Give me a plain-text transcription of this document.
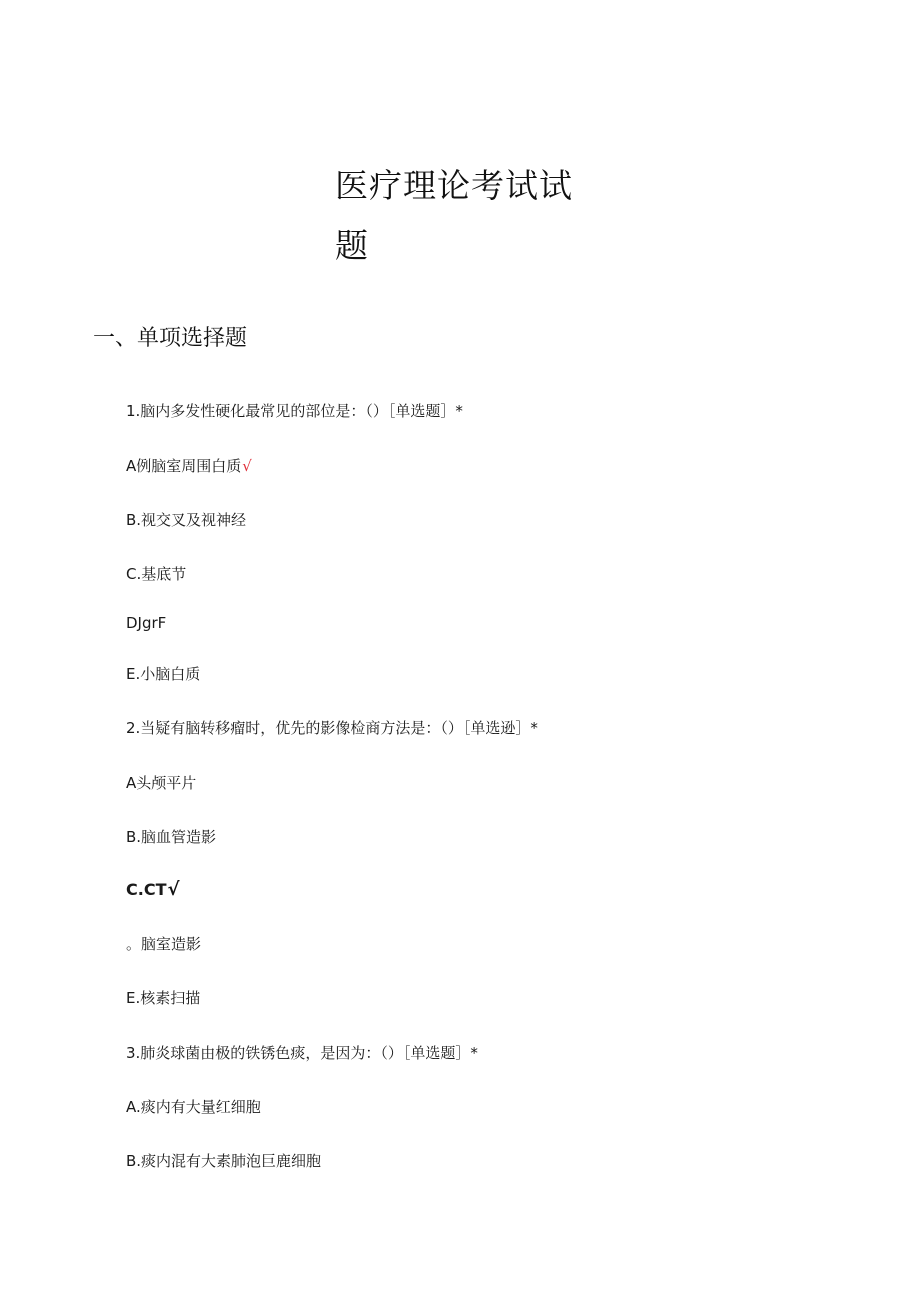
医疗理论考试试
题
一、单项选择题
1.脑内多发性硬化最常见的部位是：（）［单选题］*
A例脑室周围白质√
B.视交叉及视神经
C.基底节
DJgrF
E.小脑白质
2.当疑有脑转移瘤时，优先的影像检商方法是：（）［单选逊］*
A头颅平片
B.脑血管造影
C.CT√
。脑室造影
E.核素扫描
3.肺炎球菌由极的铁锈色痰，是因为：（）［单选题］*
A.痰内有大量红细胞
B.痰内混有大素肺泡巨鹿细胞
